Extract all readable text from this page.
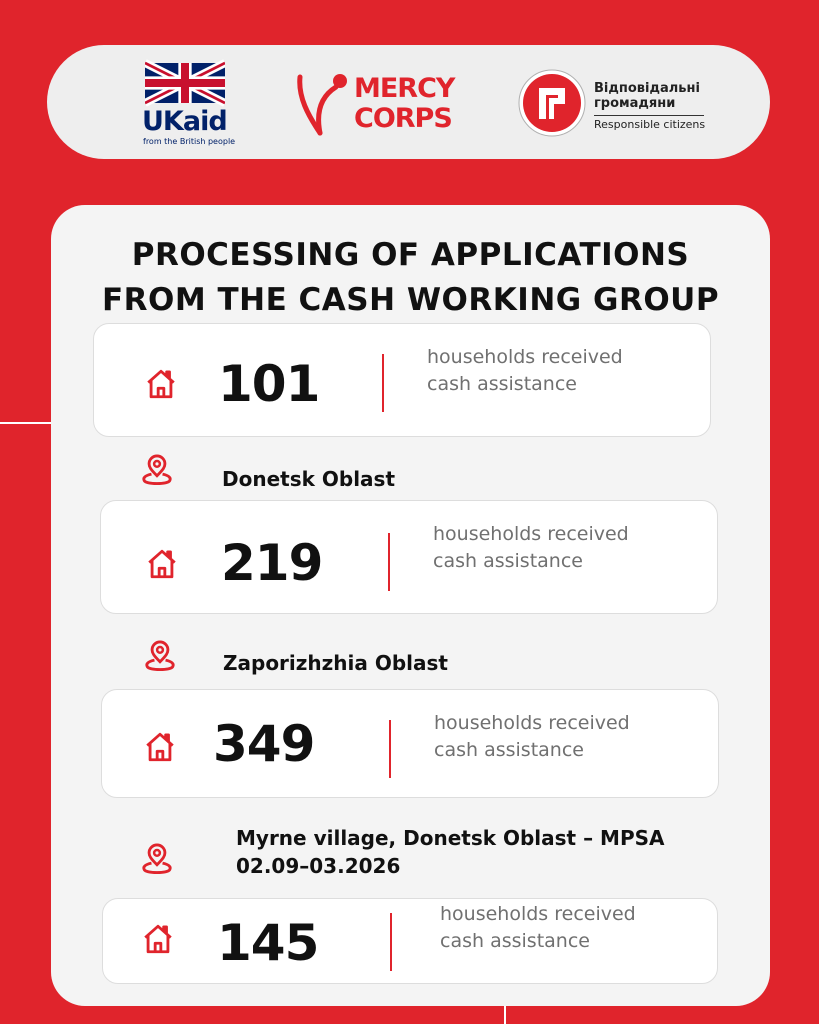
UKaid
from the British people
MERCY
CORPS
Відповідальні
громадяни
Responsible citizens
PROCESSING OF APPLICATIONS
FROM THE CASH WORKING GROUP
101	households received
cash assistance
Donetsk Oblast
219	households received
cash assistance
Zaporizhzhia Oblast
349	households received
cash assistance
Myrne village, Donetsk Oblast – MPSA
02.09–03.2026
145	households received
cash assistance
